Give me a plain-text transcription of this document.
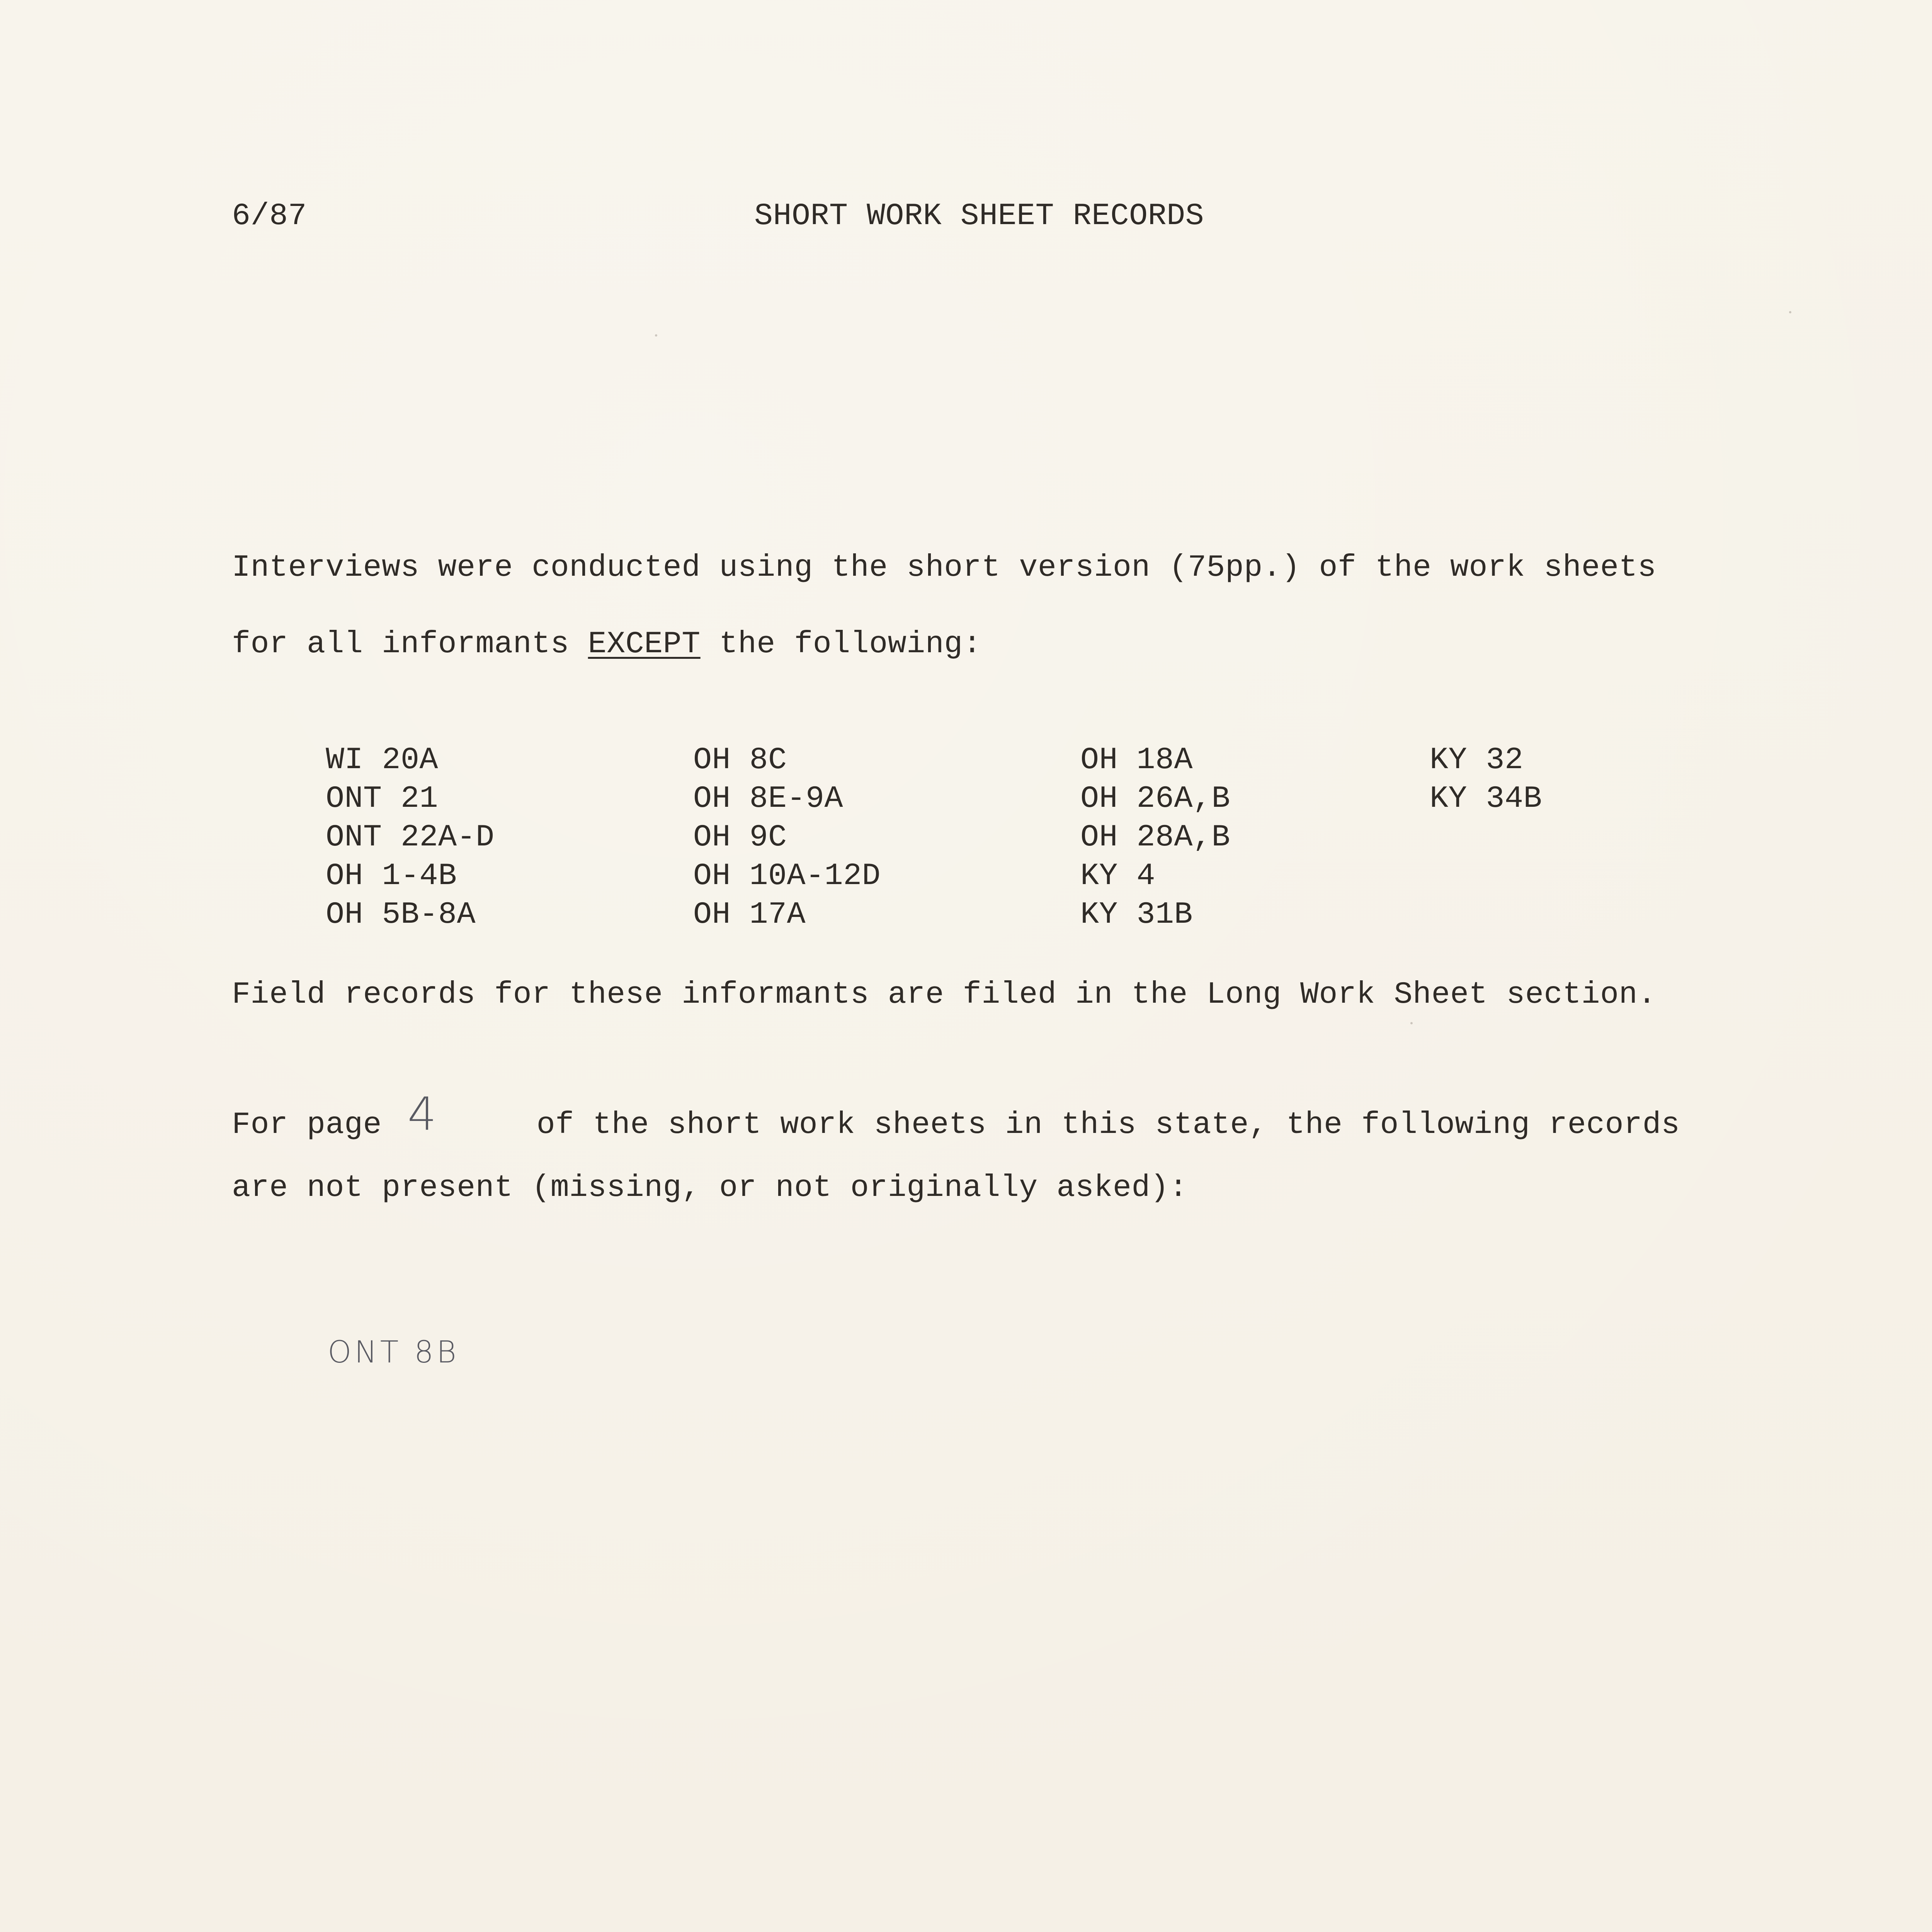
6/87	SHORT WORK SHEET RECORDS
Interviews were conducted using the short version (75pp.) of the work sheets
for all informants EXCEPT the following:
WI 20A
ONT 21
ONT 22A-D
OH 1-4B
OH 5B-8A
OH 8C
OH 8E-9A
OH 9C
OH 10A-12D
OH 17A
OH 18A
OH 26A,B
OH 28A,B
KY 4
KY 31B
KY 32
KY 34B
Field records for these informants are filed in the Long Work Sheet section.
For page 4	of the short work sheets in this state, the following records
are not present (missing, or not originally asked):
ONT 8B
